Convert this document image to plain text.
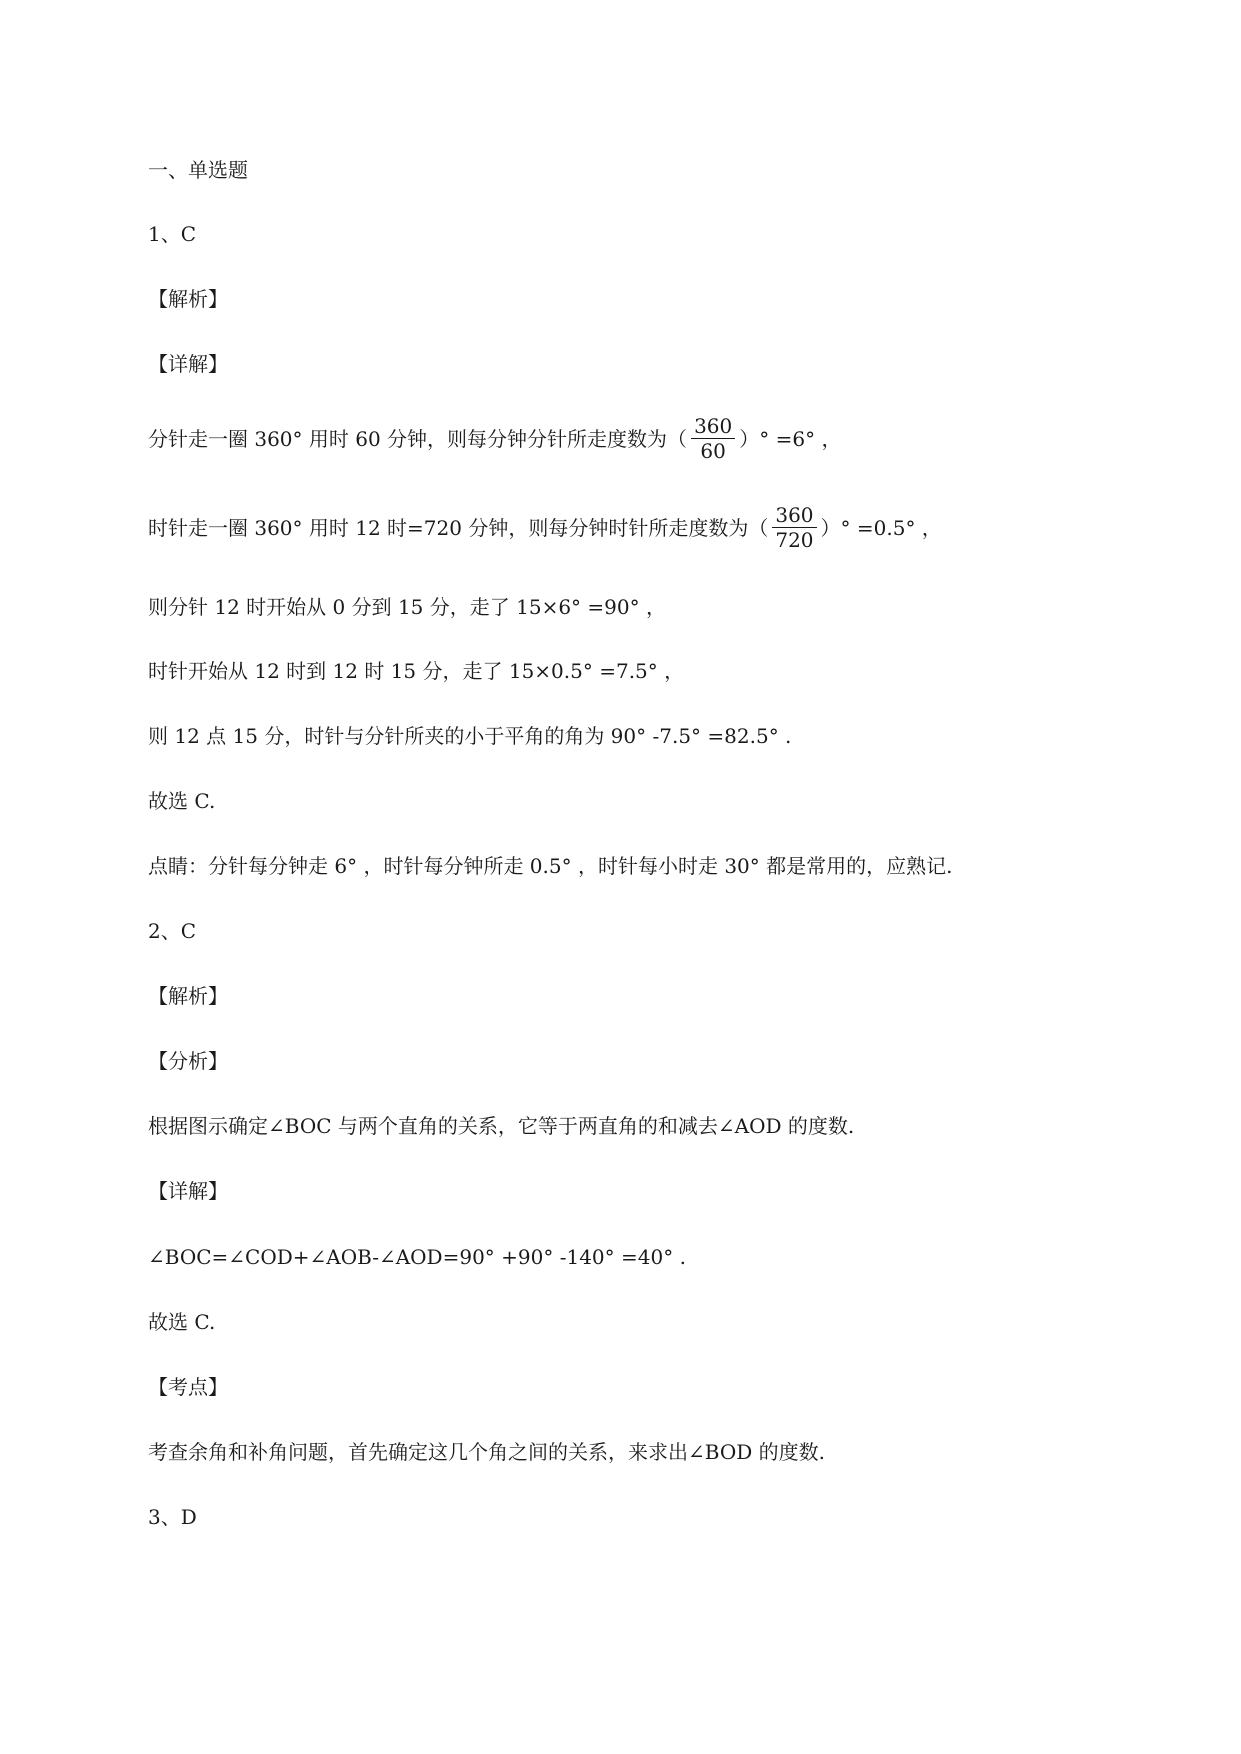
一、单选题
1、C
【解析】
【详解】
分针走一圈 360° 用时 60 分钟，则每分钟分针所走度数为（ $\frac{360}{60}$ ）° =6° ，
时针走一圈 360° 用时 12 时=720 分钟，则每分钟时针所走度数为（ $\frac{360}{720}$ ）° =0.5° ，
则分针 12 时开始从 0 分到 15 分，走了 15×6° =90° ，
时针开始从 12 时到 12 时 15 分，走了 15×0.5° =7.5° ，
则 12 点 15 分，时针与分针所夹的小于平角的角为 90° -7.5° =82.5° .
故选 C.
点睛：分针每分钟走 6° ，时针每分钟所走 0.5° ，时针每小时走 30° 都是常用的，应熟记.
2、C
【解析】
【分析】
根据图示确定∠BOC 与两个直角的关系，它等于两直角的和减去∠AOD 的度数.
【详解】
∠BOC=∠COD+∠AOB-∠AOD=90° +90° -140° =40° .
故选 C.
【考点】
考查余角和补角问题，首先确定这几个角之间的关系，来求出∠BOD 的度数.
3、D
